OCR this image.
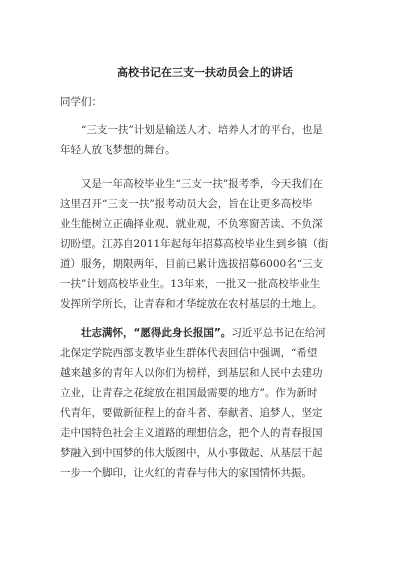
高校书记在三支一扶动员会上的讲话
同学们：
　　“三支一扶”计划是输送人才、培养人才的平台，也是
年轻人放飞梦想的舞台。
　　又是一年高校毕业生“三支一扶”报考季，今天我们在
这里召开“三支一扶”报考动员大会，旨在让更多高校毕
业生能树立正确择业观、就业观，不负寒窗苦读、不负深
切盼望。江苏自2011年起每年招募高校毕业生到乡镇（街
道）服务，期限两年，目前已累计选拔招募6000名“三支
一扶”计划高校毕业生。13年来，一批又一批高校毕业生
发挥所学所长，让青春和才华绽放在农村基层的土地上。
　　壮志满怀，“愿得此身长报国”。习近平总书记在给河
北保定学院西部支教毕业生群体代表回信中强调，“希望
越来越多的青年人以你们为榜样，到基层和人民中去建功
立业，让青春之花绽放在祖国最需要的地方”。作为新时
代青年，要做新征程上的奋斗者、奉献者、追梦人，坚定
走中国特色社会主义道路的理想信念，把个人的青春报国
梦融入到中国梦的伟大版图中，从小事做起、从基层干起
一步一个脚印，让火红的青春与伟大的家国情怀共振。
